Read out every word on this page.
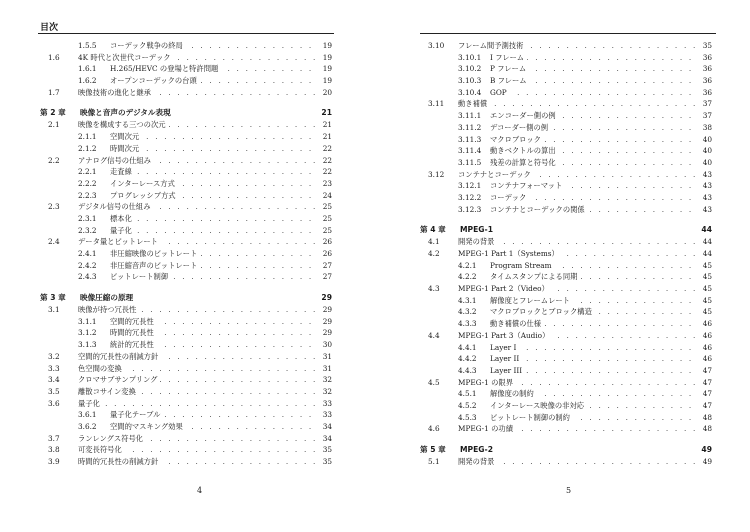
目次
. . .
1.5.5 コーデック戦争の終局	19
. . .
1.6	4K 時代と次世代コーデック	19
. . .
1.6.1 H.265/HEVC の登場と特許問題	19
. . .
1.6.2 オープンコーデックの台頭	19
. . .
1.7	映像技術の進化と継承	20
第 2 章 映像と音声のデジタル表現	21
. . .
2.1	映像を構成する三つの次元	21
. . .
2.1.1 空間次元	21
. . .
2.1.2 時間次元	22
. . .
2.2	アナログ信号の仕組み	22
. . .
2.2.1 走査線	22
. . .
2.2.2 インターレース方式	23
. . .
2.2.3 プログレッシブ方式	24
. . .
2.3	デジタル信号の仕組み	25
. . .
2.3.1 標本化	25
. . .
2.3.2 量子化	25
. . .
2.4	データ量とビットレート	26
. . .
2.4.1 非圧縮映像のビットレート	26
. . .
2.4.2 非圧縮音声のビットレート	27
. . .
2.4.3 ビットレート制御	27
第 3 章 映像圧縮の原理	29
. . .
3.1	映像が持つ冗長性	29
. . .
3.1.1 空間的冗長性	29
. . .
3.1.2 時間的冗長性	29
. . .
3.1.3 統計的冗長性	30
. . .
3.2	空間的冗長性の削減方針	31
. . .
3.3	色空間の変換	31
. . .
3.4	クロマサブサンプリング	32
. . .
3.5	離散コサイン変換	32
. . .
3.6	量子化	33
. . .
3.6.1 量子化テーブル	33
. . .
3.6.2 空間的マスキング効果	34
. . .
3.7	ランレングス符号化	34
. . .
3.8	可変長符号化	35
. . .
3.9	時間的冗長性の削減方針	35
4
. . .
3.10 フレーム間予測技術	35
. . .
3.10.1 I フレーム	36
. . .
3.10.2 P フレーム	36
. . .
3.10.3 B フレーム	36
. . .
3.10.4 GOP	36
. . .
3.11 動き補償	37
. . .
3.11.1 エンコーダー側の例	37
. . .
3.11.2 デコーダー側の例	38
. . .
3.11.3 マクロブロック	40
. . .
3.11.4 動きベクトルの算出	40
. . .
3.11.5 残差の計算と符号化	40
. . .
3.12 コンテナとコーデック	43
. . .
3.12.1 コンテナフォーマット	43
. . .
3.12.2 コーデック	43
. . .
3.12.3 コンテナとコーデックの関係	43
第 4 章 MPEG-1	44
. . .
4.1	開発の背景	44
. . .
4.2	MPEG-1 Part 1（Systems）	44
. . .
4.2.1 Program Stream	45
. . .
4.2.2 タイムスタンプによる同期	45
. . .
4.3	MPEG-1 Part 2（Video）	45
. . .
4.3.1 解像度とフレームレート	45
. . .
4.3.2 マクロブロックとブロック構造	45
. . .
4.3.3 動き補償の仕様	46
. . .
4.4	MPEG-1 Part 3（Audio）	46
. . .
4.4.1 Layer I	46
. . .
4.4.2 Layer II	46
. . .
4.4.3 Layer III	47
. . .
4.5	MPEG-1 の限界	47
. . .
4.5.1 解像度の制約	47
. . .
4.5.2 インターレース映像の非対応	47
. . .
4.5.3 ビットレート制御の制約	48
. . .
4.6	MPEG-1 の功績	48
第 5 章 MPEG-2	49
. . .
5.1	開発の背景	49
5
